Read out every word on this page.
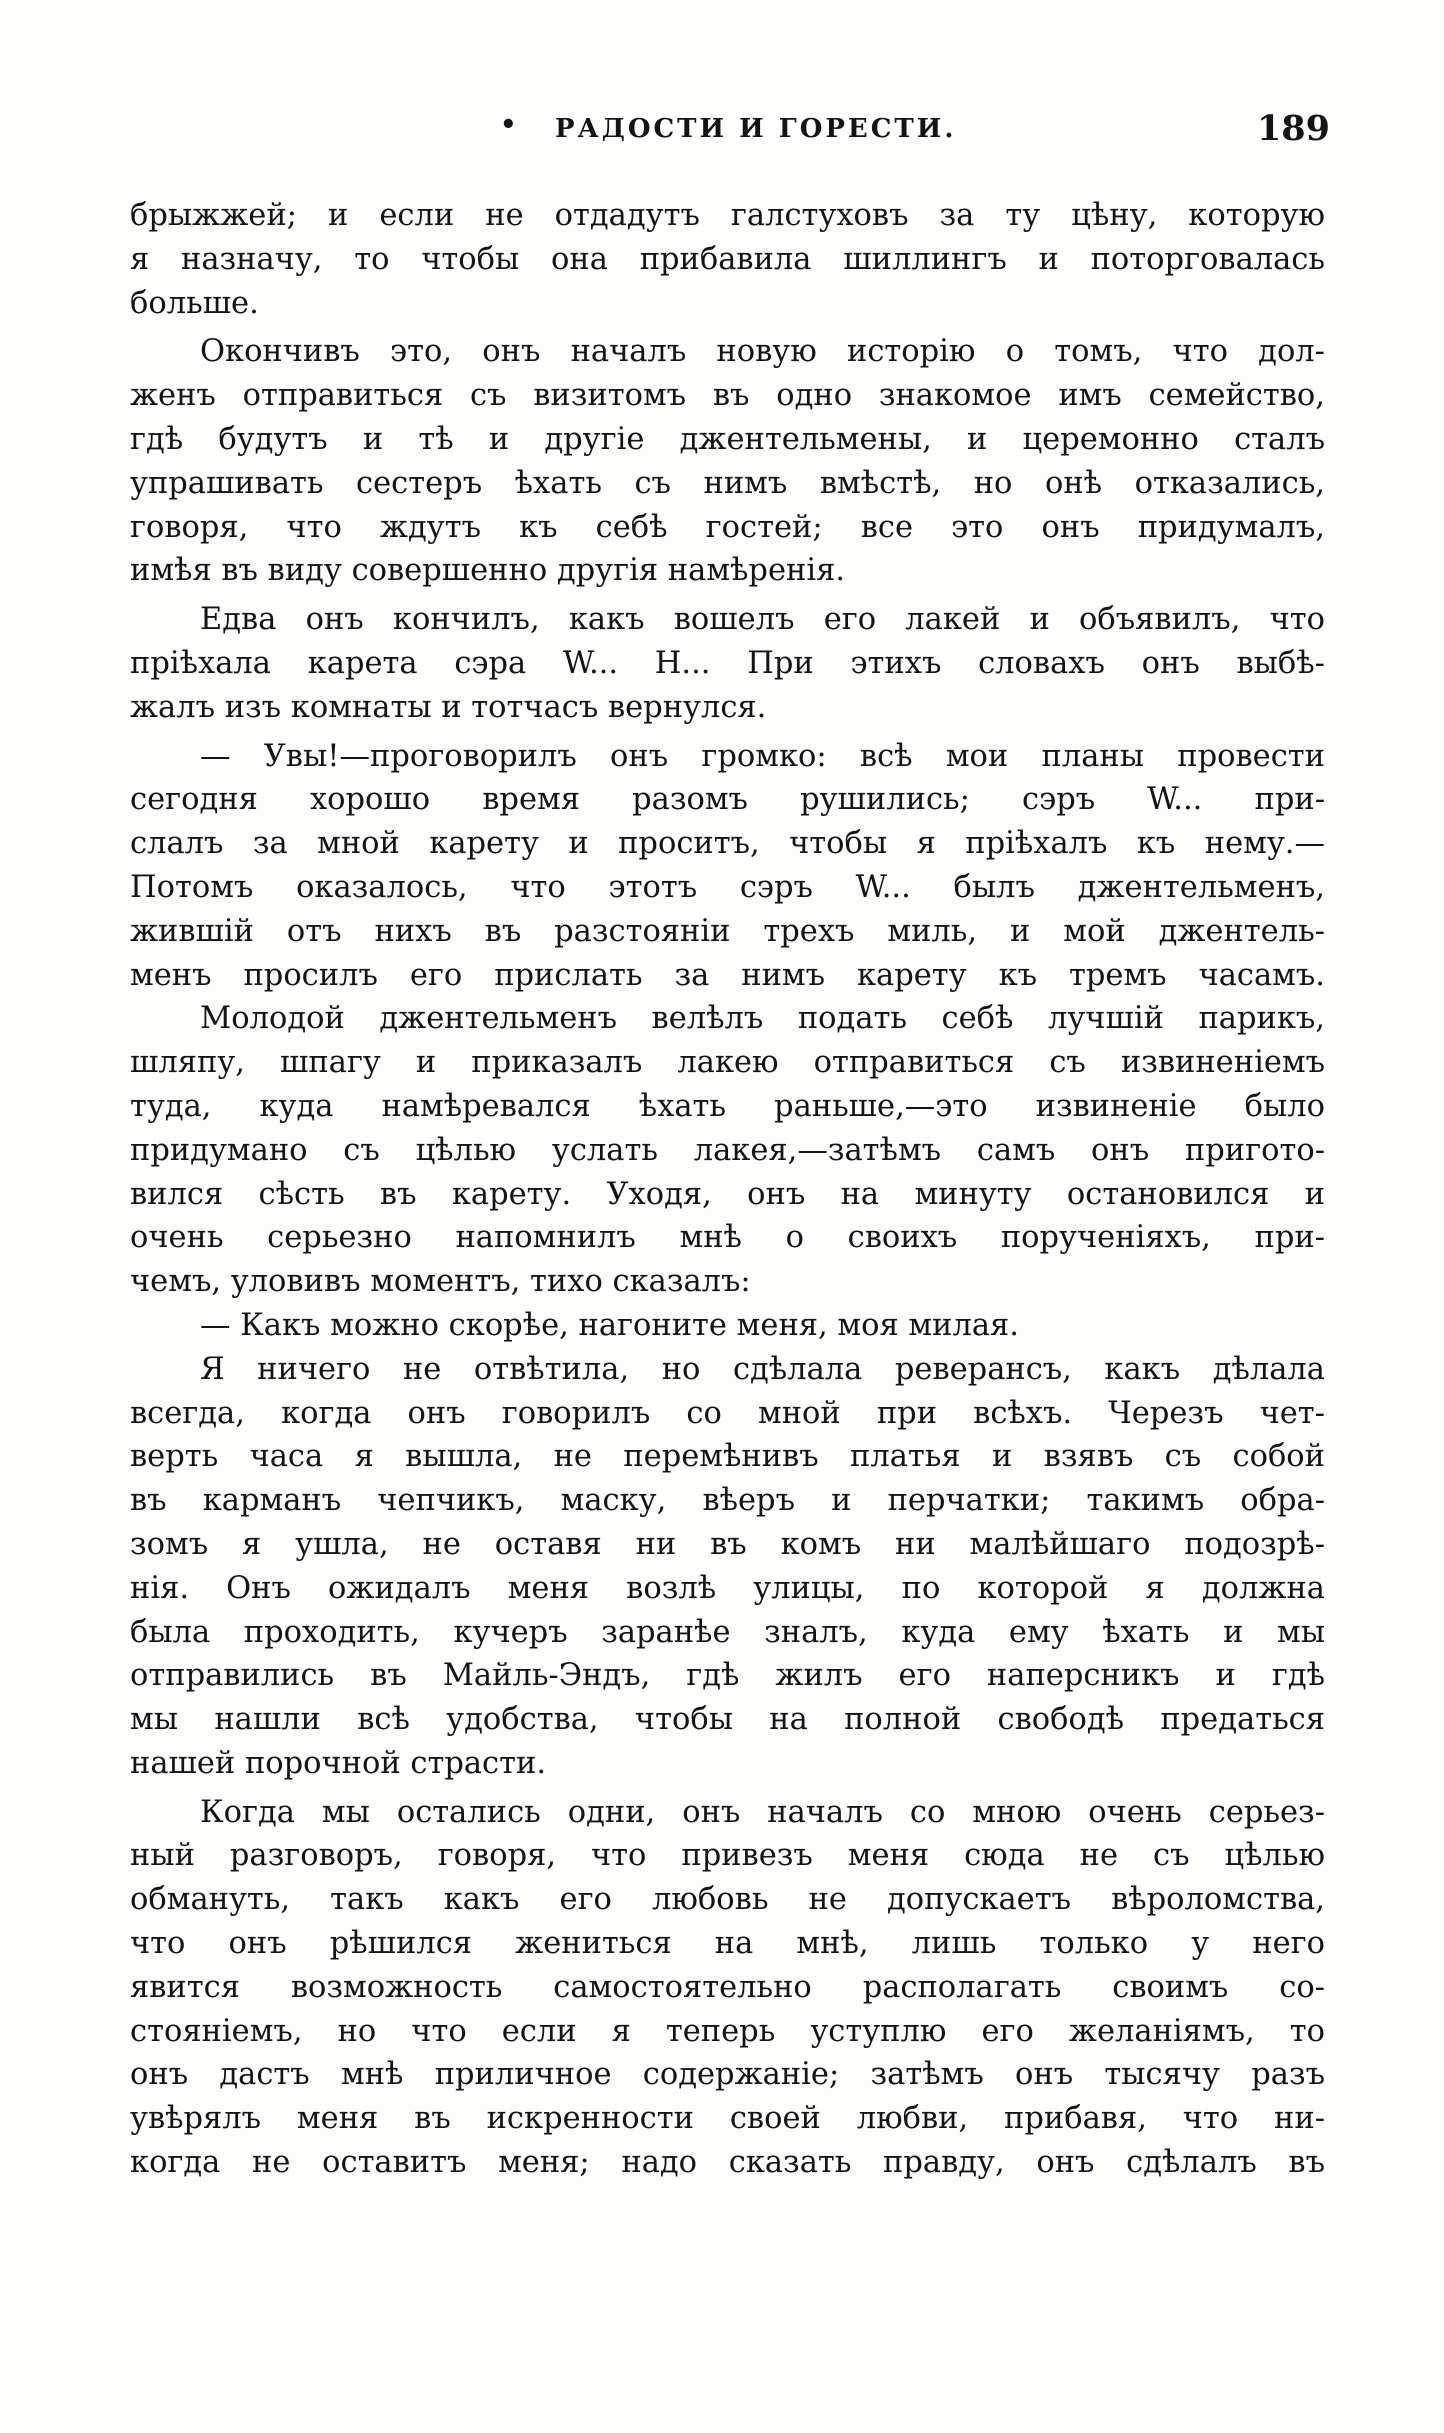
• РАДОСТИ И ГОРЕСТИ.	189
брыжжей; и если не отдадутъ галстуховъ за ту цѣну, которую
я назначу, то чтобы она прибавила шиллингъ и поторговалась
больше.
Окончивъ это, онъ началъ новую исторію о томъ, что дол-
женъ отправиться съ визитомъ въ одно знакомое имъ семейство,
гдѣ будутъ и тѣ и другіе джентельмены, и церемонно сталъ
упрашивать сестеръ ѣхать съ нимъ вмѣстѣ, но онѣ отказались,
говоря, что ждутъ къ себѣ гостей; все это онъ придумалъ,
имѣя въ виду совершенно другія намѣренія.
Едва онъ кончилъ, какъ вошелъ его лакей и объявилъ, что
пріѣхала карета сэра W... H... При этихъ словахъ онъ выбѣ-
жалъ изъ комнаты и тотчасъ вернулся.
— Увы!—проговорилъ онъ громко: всѣ мои планы провести
сегодня хорошо время разомъ рушились; сэръ W... при-
слалъ за мной карету и проситъ, чтобы я пріѣхалъ къ нему.—
Потомъ оказалось, что этотъ сэръ W... былъ джентельменъ,
жившій отъ нихъ въ разстояніи трехъ миль, и мой джентель-
менъ просилъ его прислать за нимъ карету къ тремъ часамъ.
Молодой джентельменъ велѣлъ подать себѣ лучшій парикъ,
шляпу, шпагу и приказалъ лакею отправиться съ извиненіемъ
туда, куда намѣревался ѣхать раньше,—это извиненіе было
придумано съ цѣлью услать лакея,—затѣмъ самъ онъ пригото-
вился сѣсть въ карету. Уходя, онъ на минуту остановился и
очень серьезно напомнилъ мнѣ о своихъ порученіяхъ, при-
чемъ, уловивъ моментъ, тихо сказалъ:
— Какъ можно скорѣе, нагоните меня, моя милая.
Я ничего не отвѣтила, но сдѣлала реверансъ, какъ дѣлала
всегда, когда онъ говорилъ со мной при всѣхъ. Черезъ чет-
верть часа я вышла, не перемѣнивъ платья и взявъ съ собой
въ карманъ чепчикъ, маску, вѣеръ и перчатки; такимъ обра-
зомъ я ушла, не оставя ни въ комъ ни малѣйшаго подозрѣ-
нія. Онъ ожидалъ меня возлѣ улицы, по которой я должна
была проходить, кучеръ заранѣе зналъ, куда ему ѣхать и мы
отправились въ Майль-Эндъ, гдѣ жилъ его наперсникъ и гдѣ
мы нашли всѣ удобства, чтобы на полной свободѣ предаться
нашей порочной страсти.
Когда мы остались одни, онъ началъ со мною очень серьез-
ный разговоръ, говоря, что привезъ меня сюда не съ цѣлью
обмануть, такъ какъ его любовь не допускаетъ вѣроломства,
что онъ рѣшился жениться на мнѣ, лишь только у него
явится возможность самостоятельно располагать своимъ со-
стояніемъ, но что если я теперь уступлю его желаніямъ, то
онъ дастъ мнѣ приличное содержаніе; затѣмъ онъ тысячу разъ
увѣрялъ меня въ искренности своей любви, прибавя, что ни-
когда не оставитъ меня; надо сказать правду, онъ сдѣлалъ въ
